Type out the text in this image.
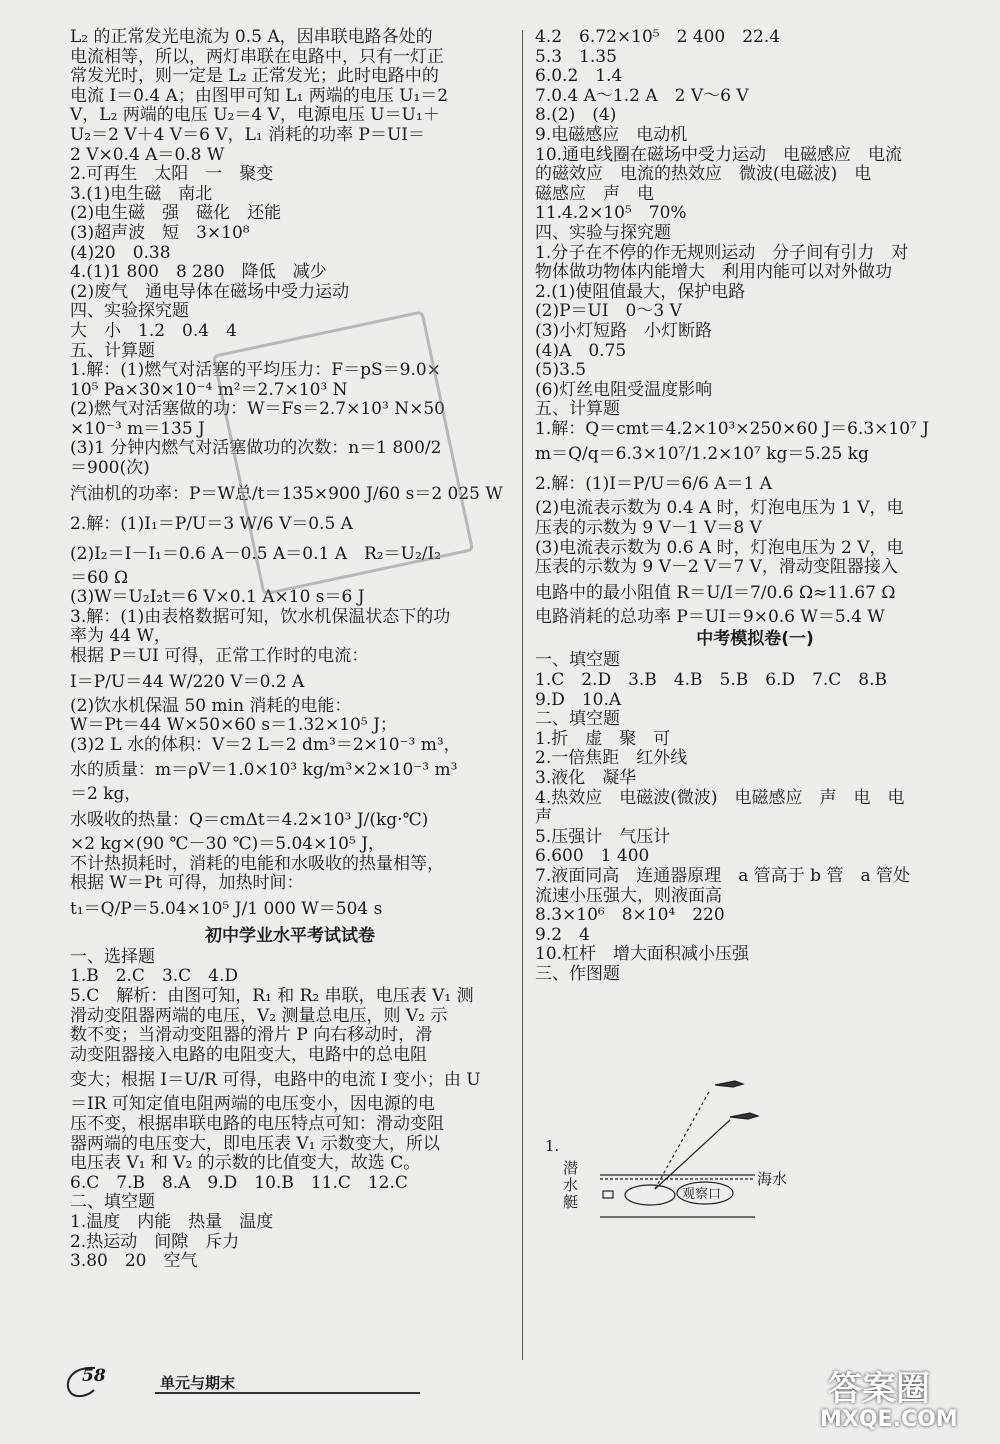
L₂ 的正常发光电流为 0.5 A，因串联电路各处的
电流相等，所以，两灯串联在电路中，只有一灯正
常发光时，则一定是 L₂ 正常发光；此时电路中的
电流 I＝0.4 A；由图甲可知 L₁ 两端的电压 U₁＝2
V，L₂ 两端的电压 U₂＝4 V，电源电压 U＝U₁＋
U₂＝2 V＋4 V＝6 V，L₁ 消耗的功率 P＝UI＝
2 V×0.4 A＝0.8 W
2.可再生　太阳　一　聚变
3.(1)电生磁　南北
(2)电生磁　强　磁化　还能
(3)超声波　短　3×10⁸
(4)20　0.38
4.(1)1 800　8 280　降低　减少
(2)废气　通电导体在磁场中受力运动
四、实验探究题
大　小　1.2　0.4　4
五、计算题
1.解：(1)燃气对活塞的平均压力：F＝pS＝9.0×
10⁵ Pa×30×10⁻⁴ m²＝2.7×10³ N
(2)燃气对活塞做的功：W＝Fs＝2.7×10³ N×50
×10⁻³ m＝135 J
(3)1 分钟内燃气对活塞做功的次数：n＝1 800/2
＝900(次)
汽油机的功率：P＝W总/t＝135×900 J/60 s＝2 025 W
2.解：(1)I₁＝P/U＝3 W/6 V＝0.5 A
(2)I₂＝I－I₁＝0.6 A－0.5 A＝0.1 A　R₂＝U₂/I₂
＝60 Ω
(3)W＝U₂I₂t＝6 V×0.1 A×10 s＝6 J
3.解：(1)由表格数据可知，饮水机保温状态下的功
率为 44 W，
根据 P＝UI 可得，正常工作时的电流：
I＝P/U＝44 W/220 V＝0.2 A
(2)饮水机保温 50 min 消耗的电能：
W＝Pt＝44 W×50×60 s＝1.32×10⁵ J；
(3)2 L 水的体积：V＝2 L＝2 dm³＝2×10⁻³ m³，
水的质量：m＝ρV＝1.0×10³ kg/m³×2×10⁻³ m³
＝2 kg，
水吸收的热量：Q＝cmΔt＝4.2×10³ J/(kg·℃)
×2 kg×(90 ℃－30 ℃)＝5.04×10⁵ J，
不计热损耗时，消耗的电能和水吸收的热量相等，
根据 W＝Pt 可得，加热时间：
t₁＝Q/P＝5.04×10⁵ J/1 000 W＝504 s
初中学业水平考试试卷
一、选择题
1.B　2.C　3.C　4.D
5.C　解析：由图可知，R₁ 和 R₂ 串联，电压表 V₁ 测
滑动变阻器两端的电压，V₂ 测量总电压，则 V₂ 示
数不变；当滑动变阻器的滑片 P 向右移动时，滑
动变阻器接入电路的电阻变大，电路中的总电阻
变大；根据 I＝U/R 可得，电路中的电流 I 变小；由 U
＝IR 可知定值电阻两端的电压变小，因电源的电
压不变，根据串联电路的电压特点可知：滑动变阻
器两端的电压变大，即电压表 V₁ 示数变大，所以
电压表 V₁ 和 V₂ 的示数的比值变大，故选 C。
6.C　7.B　8.A　9.D　10.B　11.C　12.C
二、填空题
1.温度　内能　热量　温度
2.热运动　间隙　斥力
3.80　20　空气
4.2　6.72×10⁵　2 400　22.4
5.3　1.35
6.0.2　1.4
7.0.4 A～1.2 A　2 V～6 V
8.(2)　(4)
9.电磁感应　电动机
10.通电线圈在磁场中受力运动　电磁感应　电流
的磁效应　电流的热效应　微波(电磁波)　电
磁感应　声　电
11.4.2×10⁵　70%
四、实验与探究题
1.分子在不停的作无规则运动　分子间有引力　对
物体做功物体内能增大　利用内能可以对外做功
2.(1)使阻值最大，保护电路
(2)P＝UI　0～3 V
(3)小灯短路　小灯断路
(4)A　0.75
(5)3.5
(6)灯丝电阻受温度影响
五、计算题
1.解：Q＝cmt＝4.2×10³×250×60 J＝6.3×10⁷ J
m＝Q/q＝6.3×10⁷/1.2×10⁷ kg＝5.25 kg
2.解：(1)I＝P/U＝6/6 A＝1 A
(2)电流表示数为 0.4 A 时，灯泡电压为 1 V，电
压表的示数为 9 V－1 V＝8 V
(3)电流表示数为 0.6 A 时，灯泡电压为 2 V，电
压表的示数为 9 V－2 V＝7 V，滑动变阻器接入
电路中的最小阻值 R＝U/I＝7/0.6 Ω≈11.67 Ω
电路消耗的总功率 P＝UI＝9×0.6 W＝5.4 W
中考模拟卷(一)
一、填空题
1.C　2.D　3.B　4.B　5.B　6.D　7.C　8.B
9.D　10.A
二、填空题
1.折　虚　聚　可
2.一倍焦距　红外线
3.液化　凝华
4.热效应　电磁波(微波)　电磁感应　声　电　电
声
5.压强计　气压计
6.600　1 400
7.液面同高　连通器原理　a 管高于 b 管　a 管处
流速小压强大，则液面高
8.3×10⁶　8×10⁴　220
9.2　4
10.杠杆　增大面积减小压强
三、作图题
1.
潜水艇
海水
观察口
58	单元与期末	答案圈
MXQE.COM
